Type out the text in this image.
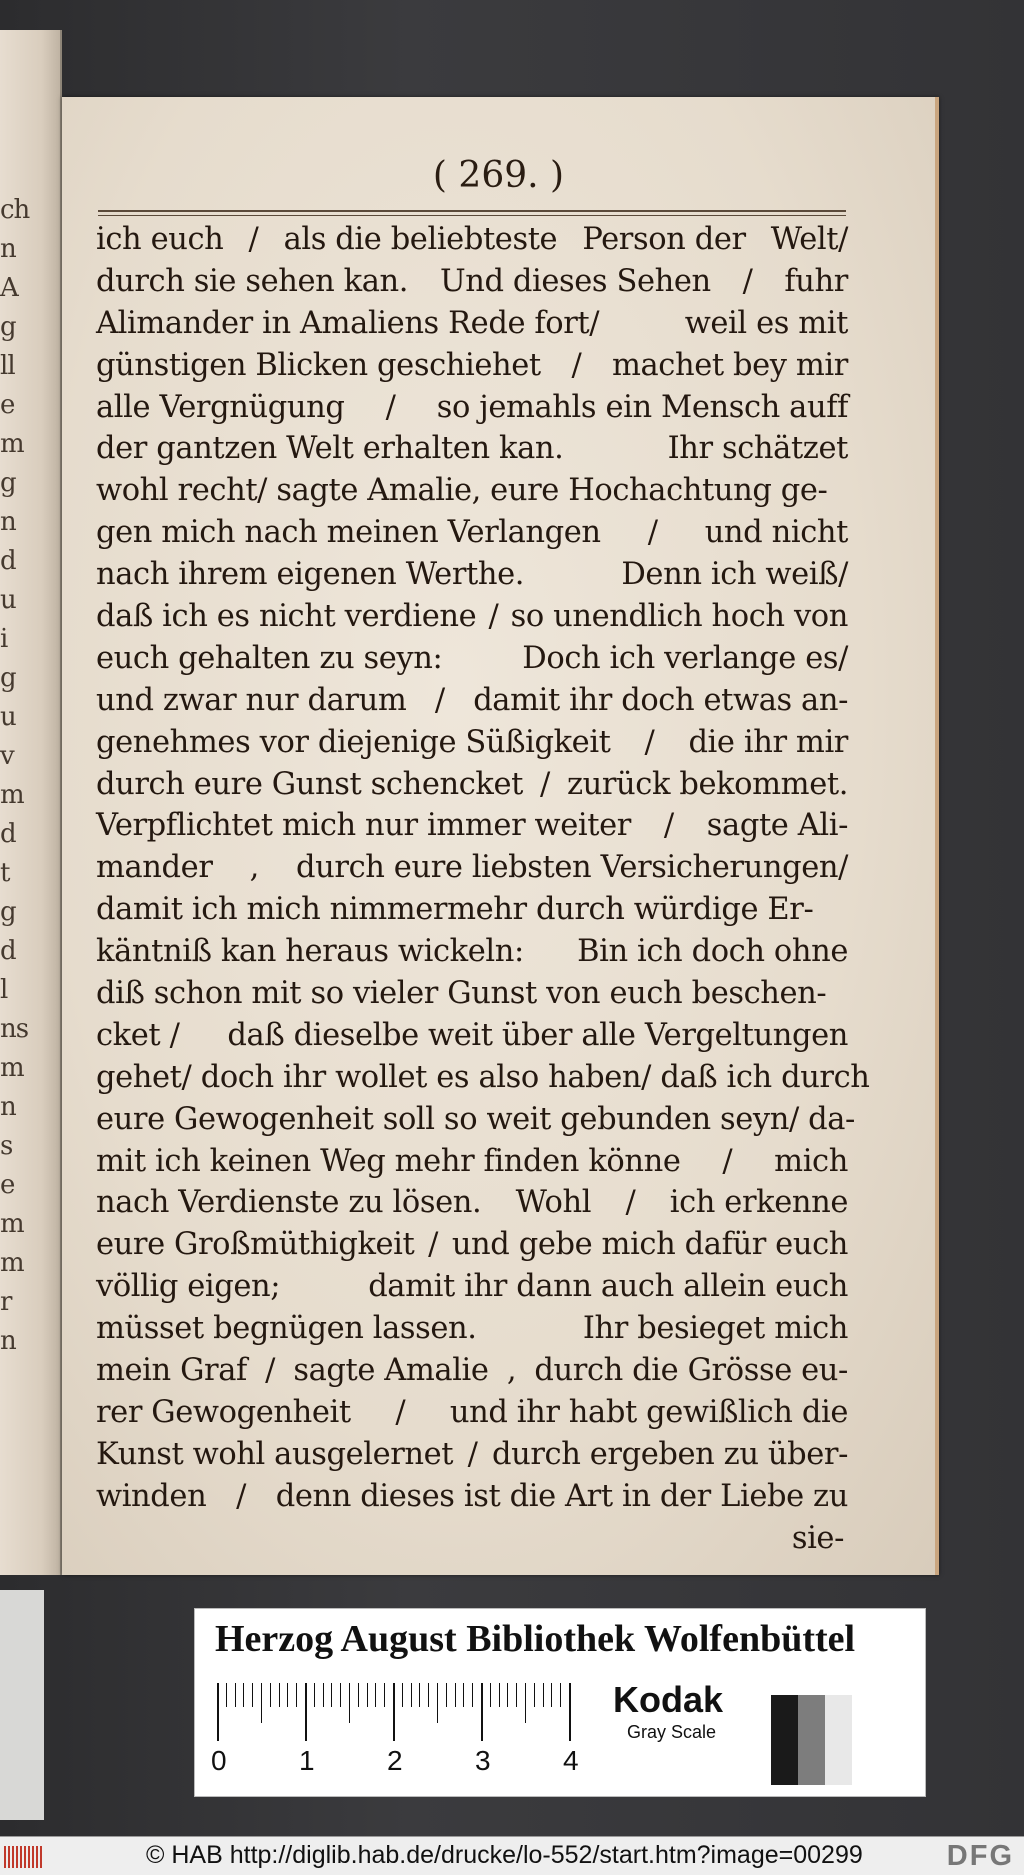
ch
n
A
g
ll
e
m
g
n
d
u
i
g
u
v
m
d
t
g
d
l
ns
m
n
s
e
m
m
r
n
( 269. )
ich euch / als die beliebteste Person der Welt/
durch sie sehen kan. Und dieses Sehen / fuhr
Alimander in Amaliens Rede fort/	weil es mit
günstigen Blicken geschiehet / machet bey mir
alle Vergnügung / so jemahls ein Mensch auff
der gantzen Welt erhalten kan.	Ihr schätzet
wohl recht/ sagte Amalie, eure Hochachtung ge-
gen mich nach meinen Verlangen / und nicht
nach ihrem eigenen Werthe.	Denn ich weiß/
daß ich es nicht verdiene / so unendlich hoch von
euch gehalten zu seyn:	Doch ich verlange es/
und zwar nur darum / damit ihr doch etwas an-
genehmes vor diejenige Süßigkeit / die ihr mir
durch eure Gunst schencket / zurück bekommet.
Verpflichtet mich nur immer weiter / sagte Ali-
mander , durch eure liebsten Versicherungen/
damit ich mich nimmermehr durch würdige Er-
käntniß kan heraus wickeln: Bin ich doch ohne
diß schon mit so vieler Gunst von euch beschen-
cket / daß dieselbe weit über alle Vergeltungen
gehet/ doch ihr wollet es also haben/ daß ich durch
eure Gewogenheit soll so weit gebunden seyn/ da-
mit ich keinen Weg mehr finden könne / mich
nach Verdienste zu lösen. Wohl / ich erkenne
eure Großmüthigkeit / und gebe mich dafür euch
völlig eigen;	damit ihr dann auch allein euch
müsset begnügen lassen.	Ihr besieget mich
mein Graf / sagte Amalie , durch die Grösse eu-
rer Gewogenheit / und ihr habt gewißlich die
Kunst wohl ausgelernet / durch ergeben zu über-
winden / denn dieses ist die Art in der Liebe zu
sie-
Herzog August Bibliothek Wolfenbüttel
0	1	2	3	4
Kodak
Gray Scale
© HAB http://diglib.hab.de/drucke/lo-552/start.htm?image=00299	DFG
